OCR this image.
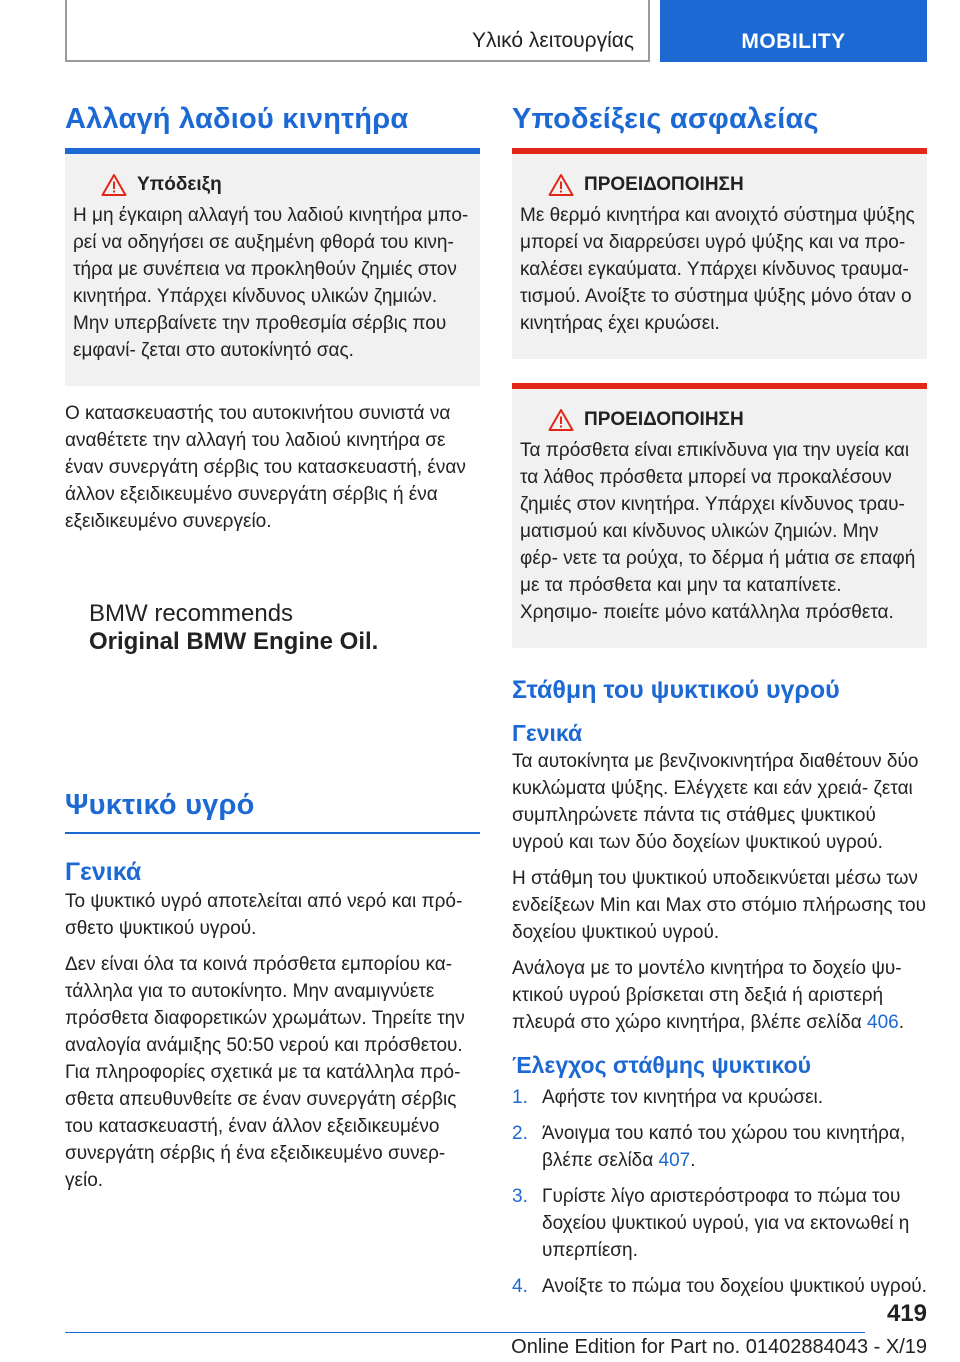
Υλικό λειτουργίας	MOBILITY
Αλλαγή λαδιού κινητήρα
Υπόδειξη

Η μη έγκαιρη αλλαγή του λαδιού κινητήρα μπο- ρεί να οδηγήσει σε αυξημένη φθορά του κινη- τήρα με συνέπεια να προκληθούν ζημιές στον κινητήρα. Υπάρχει κίνδυνος υλικών ζημιών. Μην υπερβαίνετε την προθεσμία σέρβις που εμφανί- ζεται στο αυτοκίνητό σας.

Ο κατασκευαστής του αυτοκινήτου συνιστά να αναθέτετε την αλλαγή του λαδιού κινητήρα σε έναν συνεργάτη σέρβις του κατασκευαστή, έναν άλλον εξειδικευμένο συνεργάτη σέρβις ή ένα εξειδικευμένο συνεργείο.

BMW recommends
Original BMW Engine Oil.
Ψυκτικό υγρό
Γενικά

Το ψυκτικό υγρό αποτελείται από νερό και πρό- σθετο ψυκτικού υγρού.

Δεν είναι όλα τα κοινά πρόσθετα εμπορίου κα- τάλληλα για το αυτοκίνητο. Μην αναμιγνύετε πρόσθετα διαφορετικών χρωμάτων. Τηρείτε την αναλογία ανάμιξης 50:50 νερού και πρόσθετου. Για πληροφορίες σχετικά με τα κατάλληλα πρό- σθετα απευθυνθείτε σε έναν συνεργάτη σέρβις του κατασκευαστή, έναν άλλον εξειδικευμένο συνεργάτη σέρβις ή ένα εξειδικευμένο συνερ- γείο.

Υποδείξεις ασφαλείας
ΠΡΟΕΙΔΟΠΟΙΗΣΗ

Με θερμό κινητήρα και ανοιχτό σύστημα ψύξης μπορεί να διαρρεύσει υγρό ψύξης και να προ- καλέσει εγκαύματα. Υπάρχει κίνδυνος τραυμα- τισμού. Ανοίξτε το σύστημα ψύξης μόνο όταν ο κινητήρας έχει κρυώσει.

ΠΡΟΕΙΔΟΠΟΙΗΣΗ

Τα πρόσθετα είναι επικίνδυνα για την υγεία και τα λάθος πρόσθετα μπορεί να προκαλέσουν ζημιές στον κινητήρα. Υπάρχει κίνδυνος τραυ- ματισμού και κίνδυνος υλικών ζημιών. Μην φέρ- νετε τα ρούχα, το δέρμα ή μάτια σε επαφή με τα πρόσθετα και μην τα καταπίνετε. Χρησιμο- ποιείτε μόνο κατάλληλα πρόσθετα.

Στάθμη του ψυκτικού υγρού
Γενικά

Τα αυτοκίνητα με βενζινοκινητήρα διαθέτουν δύο κυκλώματα ψύξης. Ελέγχετε και εάν χρειά- ζεται συμπληρώνετε πάντα τις στάθμες ψυκτικού υγρού και των δύο δοχείων ψυκτικού υγρού.

Η στάθμη του ψυκτικού υποδεικνύεται μέσω των ενδείξεων Min και Max στο στόμιο πλήρωσης του δοχείου ψυκτικού υγρού.

Ανάλογα με το μοντέλο κινητήρα το δοχείο ψυ- κτικού υγρού βρίσκεται στη δεξιά ή αριστερή πλευρά στο χώρο κινητήρα, βλέπε σελίδα 406.

Έλεγχος στάθμης ψυκτικού
1. Αφήστε τον κινητήρα να κρυώσει.
2. Άνοιγμα του καπό του χώρου του κινητήρα, βλέπε σελίδα 407.
3. Γυρίστε λίγο αριστερόστροφα το πώμα του δοχείου ψυκτικού υγρού, για να εκτονωθεί η υπερπίεση.
4. Ανοίξτε το πώμα του δοχείου ψυκτικού υγρού.
419
Online Edition for Part no. 01402884043 - X/19
